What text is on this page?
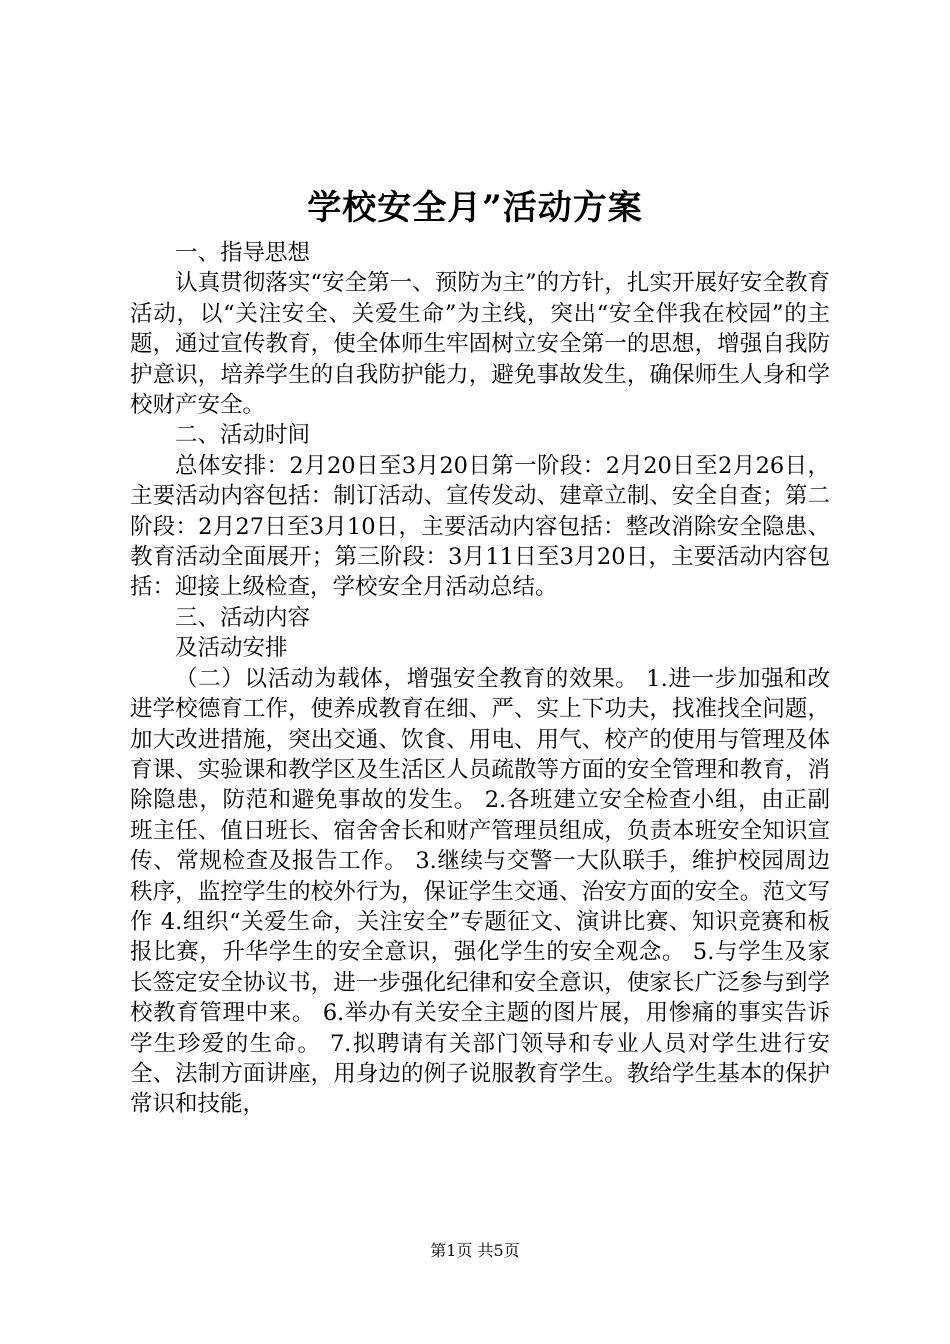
学校安全月”活动方案

一、指导思想

认真贯彻落实“安全第一、预防为主”的方针，扎实开展好安全教育活动，以“关注安全、关爱生命”为主线，突出“安全伴我在校园”的主题，通过宣传教育，使全体师生牢固树立安全第一的思想，增强自我防护意识，培养学生的自我防护能力，避免事故发生，确保师生人身和学校财产安全。

二、活动时间

总体安排：2月20日至3月20日第一阶段：2月20日至2月26日，主要活动内容包括：制订活动、宣传发动、建章立制、安全自查；第二阶段：2月27日至3月10日，主要活动内容包括：整改消除安全隐患、教育活动全面展开；第三阶段：3月11日至3月20日，主要活动内容包括：迎接上级检查，学校安全月活动总结。

三、活动内容

及活动安排

（二）以活动为载体，增强安全教育的效果。 1.进一步加强和改进学校德育工作，使养成教育在细、严、实上下功夫，找准找全问题，加大改进措施，突出交通、饮食、用电、用气、校产的使用与管理及体育课、实验课和教学区及生活区人员疏散等方面的安全管理和教育，消除隐患，防范和避免事故的发生。 2.各班建立安全检查小组，由正副班主任、值日班长、宿舍舍长和财产管理员组成，负责本班安全知识宣传、常规检查及报告工作。 3.继续与交警一大队联手，维护校园周边秩序，监控学生的校外行为，保证学生交通、治安方面的安全。范文写作 4.组织“关爱生命，关注安全”专题征文、演讲比赛、知识竞赛和板报比赛，升华学生的安全意识，强化学生的安全观念。 5.与学生及家长签定安全协议书，进一步强化纪律和安全意识，使家长广泛参与到学校教育管理中来。 6.举办有关安全主题的图片展，用惨痛的事实告诉学生珍爱的生命。 7.拟聘请有关部门领导和专业人员对学生进行安全、法制方面讲座，用身边的例子说服教育学生。教给学生基本的保护常识和技能，

第1页 共5页
